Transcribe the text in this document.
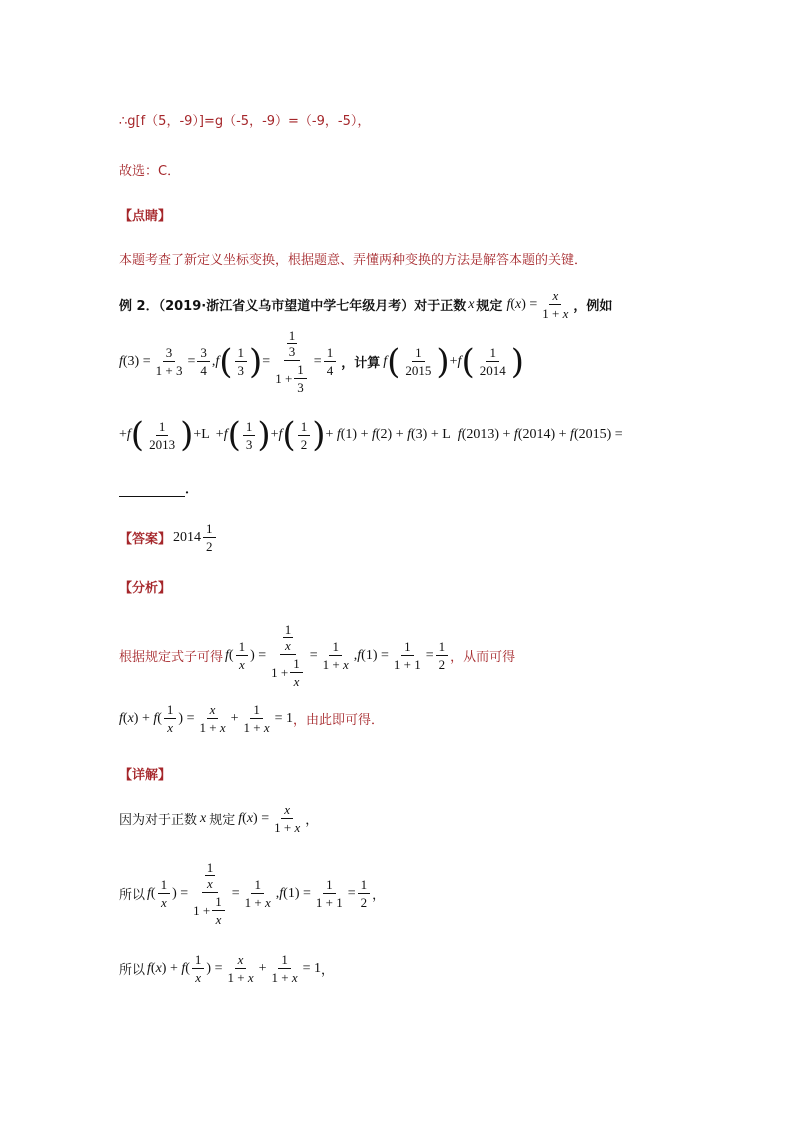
∴g[f（5，-9）]=g（-5，-9）=（-9，-5），
故选：C．
【点睛】
本题考查了新定义坐标变换，根据题意、弄懂两种变换的方法是解答本题的关键．
例 2．（2019·浙江省义乌市望道中学七年级月考）对于正数 x 规定 f ( x ) = $\frac{x}{1 + x}$ ，例如
f $(3) = \frac{3}{1 + 3} = \frac{3}{4}$ , f ( $\frac{1}{3}$ ) = 1
3
$1 + \frac{1}{3} = \frac{1}{4}$ ，计算 f ( $\frac{1}{2015}$ ) + f ( $\frac{1}{2014}$ )
+ f ( $\frac{1}{2013}$ ) + L + f ( $\frac{1}{3}$ ) + f ( $\frac{1}{2}$ ) + f (1) + f (2) + f (3) + L
f (2013) + f (2014) + f (2015) =
．
【答案】 $2014 \frac{1}{2}$
【分析】
根据规定式子可得 f ( $\frac{1}{x}$ ) = 1
x
$1 + \frac{1}{x} = \frac{1}{1 + x}$ , f $(1) = \frac{1}{1 + 1} = \frac{1}{2}$ ，从而可得
f ( x ) + f ( $\frac{1}{x}$ ) = $\frac{x}{1 + x} + \frac{1}{1 + x} = 1$ ，由此即可得．
【详解】
因为对于正数 x 规定 f ( x ) = $\frac{x}{1 + x}$ ，
所以 f ( $\frac{1}{x}$ ) = 1
x
$1 + \frac{1}{x} = \frac{1}{1 + x}$ , f $(1) = \frac{1}{1 + 1} = \frac{1}{2}$ ，
所以 f ( x ) + f ( $\frac{1}{x}$ ) = $\frac{x}{1 + x} + \frac{1}{1 + x} = 1$ ，
